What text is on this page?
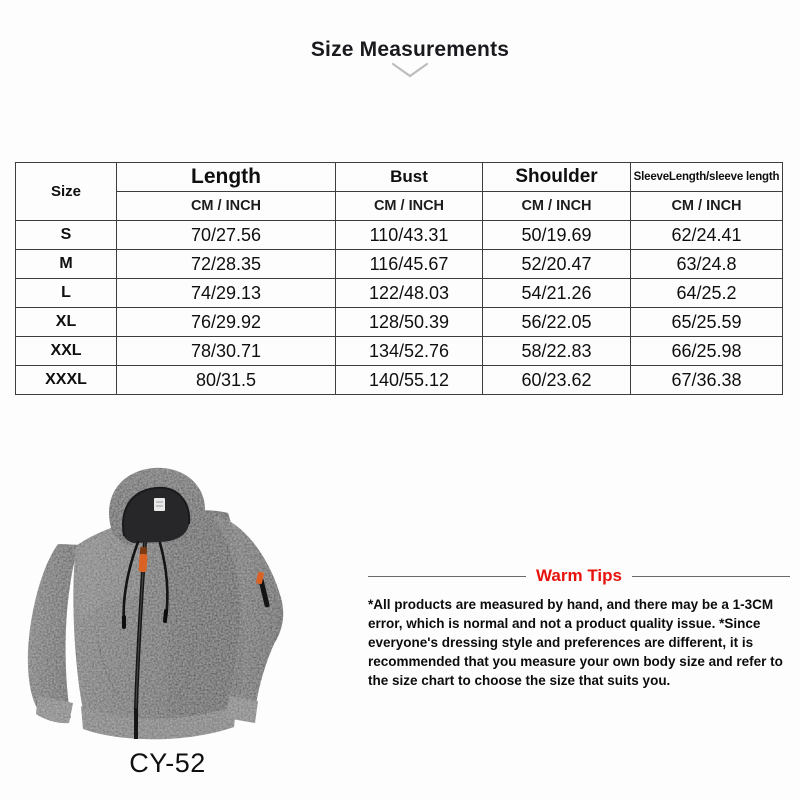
Size Measurements
Size	Length	Bust	Shoulder	SleeveLength/sleeve length
	CM / INCH	CM / INCH	CM / INCH	CM / INCH
S	70/27.56	110/43.31	50/19.69	62/24.41
M	72/28.35	116/45.67	52/20.47	63/24.8
L	74/29.13	122/48.03	54/21.26	64/25.2
XL	76/29.92	128/50.39	56/22.05	65/25.59
XXL	78/30.71	134/52.76	58/22.83	66/25.98
XXXL	80/31.5	140/55.12	60/23.62	67/36.38
CY-52
Warm Tips
*All products are measured by hand, and there may be a 1-3CM error, which is normal and not a product quality issue. *Since everyone's dressing style and preferences are different, it is recommended that you measure your own body size and refer to the size chart to choose the size that suits you.
